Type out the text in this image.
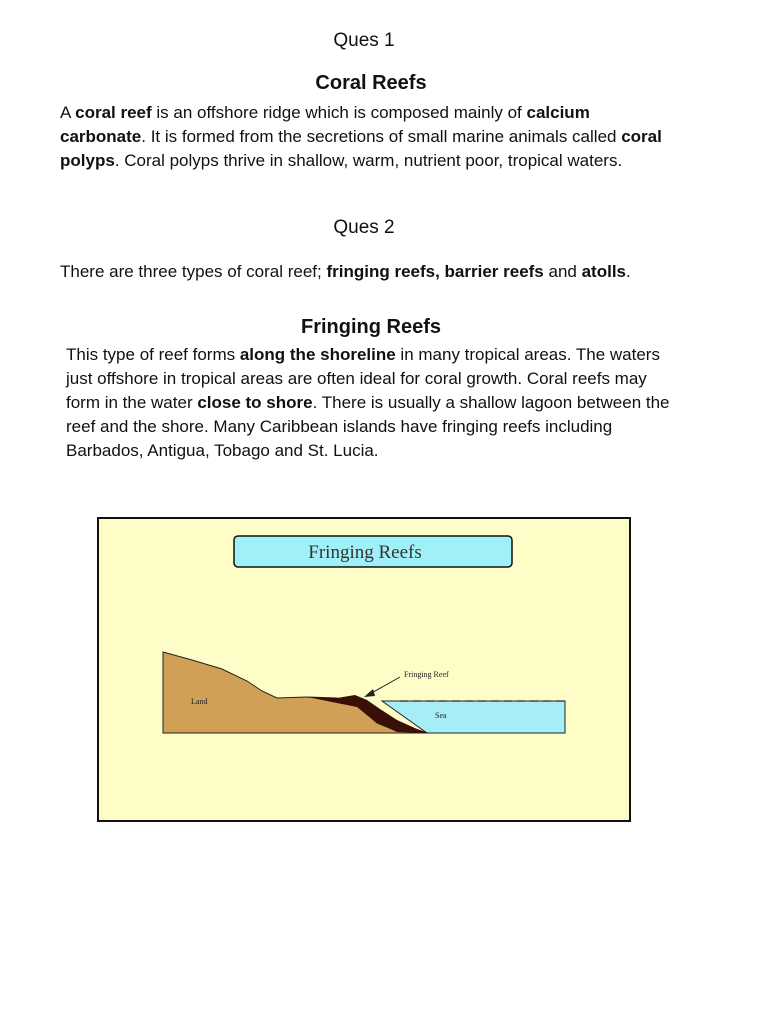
Ques 1
Coral Reefs
A coral reef is an offshore ridge which is composed mainly of calcium carbonate. It is formed from the secretions of small marine animals called coral polyps. Coral polyps thrive in shallow, warm, nutrient poor, tropical waters.
Ques 2
There are three types of coral reef; fringing reefs, barrier reefs and atolls.
Fringing Reefs
This type of reef forms along the shoreline in many tropical areas. The waters just offshore in tropical areas are often ideal for coral growth. Coral reefs may form in the water close to shore. There is usually a shallow lagoon between the reef and the shore. Many Caribbean islands have fringing reefs including Barbados, Antigua, Tobago and St. Lucia.
Fringing Reefs
Land
Sea
Fringing Reef
